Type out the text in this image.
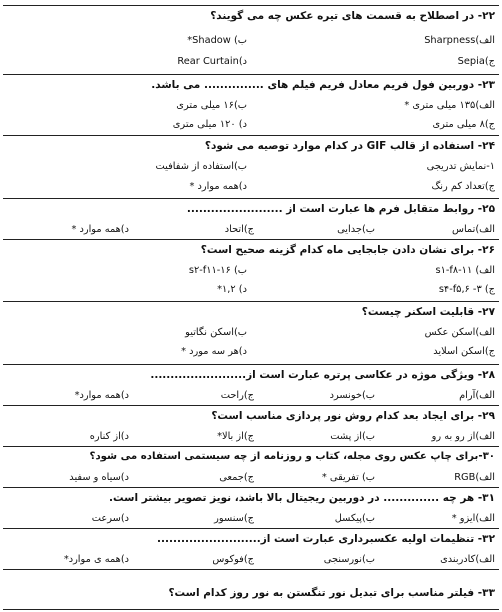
۲۲- در اصطلاح به قسمت های تیره عکس چه می گویند؟
الف)Sharpness
ب) Shadow*
ج)Sepia
د)Rear Curtain
۲۳- دوربین فول فریم معادل فریم فیلم های ............... می باشد.
الف)۱۳۵ میلی متری *
ب)۱۶ میلی متری
ج)۸ میلی متری
د) ۱۲۰ میلی متری
۲۴- استفاده از قالب GIF در کدام موارد توصیه می شود؟
۱-نمایش تدریجی
ب)استفاده از شفافیت
ج)تعداد کم رنگ
د)همه موارد *
۲۵- روابط متقابل فرم ها عبارت است از ........................
الف)تماس
ب)جدایی
ج)اتحاد
د)همه موارد *
۲۶- برای نشان دادن جابجایی ماه کدام گزینه صحیح است؟
الف) s۱-f۸-۱۱
ب) s۲-f۱۱-۱۶
ج) s۴-f۵,۶ -۳
د) ۱,۲*
۲۷- قابلیت اسکنر چیست؟
الف)اسکن عکس
ب)اسکن نگاتیو
ج)اسکن اسلاید
د)هر سه مورد *
۲۸- ویژگی موژه در عکاسی پرتره عبارت است از........................
الف)آرام
ب)خونسرد
ج)راحت
د)همه موارد*
۲۹- برای ایجاد بعد کدام روش نور پردازی مناسب است؟
الف)از رو به رو
ب)از پشت
ج)از بالا*
د)از کناره
۳۰-برای چاپ عکس روی مجله، کتاب و روزنامه از چه سیستمی استفاده می شود؟
الف)RGB
ب) تفریقی *
ج)جمعی
د)سیاه و سفید
۳۱- هر چه .............. در دوربین ریجیتال بالا باشد، نویز تصویر بیشتر است.
الف)ایزو *
ب)پیکسل
ج)سنسور
د)سرعت
۳۲- تنظیمات اولیه عکسبرداری عبارت است از..........................
الف)کادربندی
ب)نورسنجی
ج)فوکوس
د)همه ی موارد*
۳۳- فیلتر مناسب برای تبدیل نور تنگستن به نور روز کدام است؟
